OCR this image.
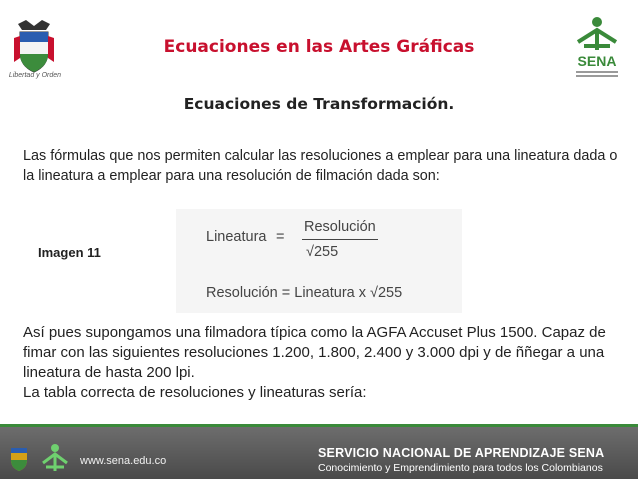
Libertad y Orden
SENA
Ecuaciones en las Artes Gráficas
Ecuaciones de Transformación.

Las fórmulas que nos permiten calcular las resoluciones a emplear para una lineatura dada o la lineatura a emplear para una resolución de filmación dada son:

Imagen 11
Lineatura =
Resolución
√255
Resolución = Lineatura x √255

Así pues supongamos una filmadora típica como la AGFA Accuset Plus 1500. Capaz de fimar con las siguientes resoluciones 1.200, 1.800, 2.400 y 3.000 dpi y de ññegar a una lineatura de hasta 200 lpi.

La tabla correcta de resoluciones y lineaturas sería:

www.sena.edu.co
SERVICIO NACIONAL DE APRENDIZAJE SENA
Conocimiento y Emprendimiento para todos los Colombianos
